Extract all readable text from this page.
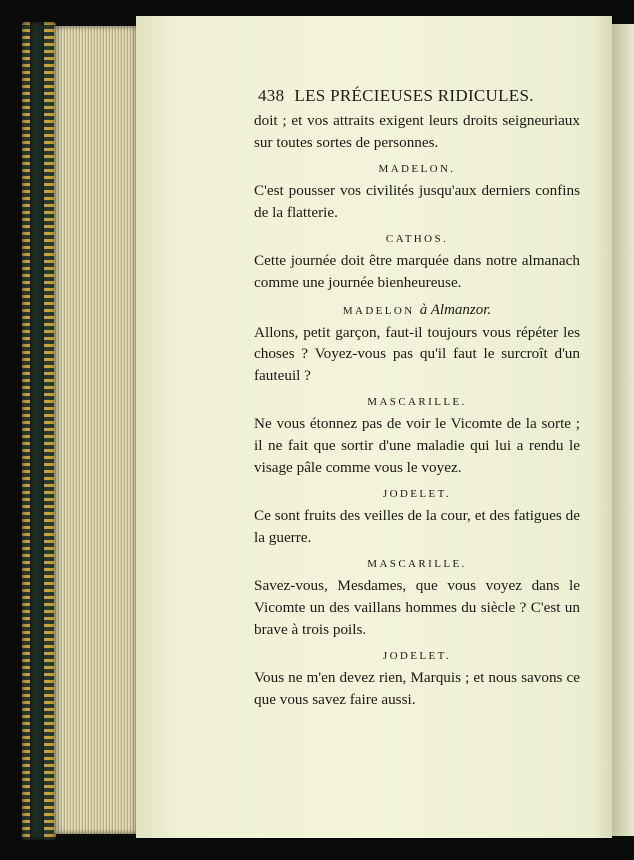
438 LES PRÉCIEUSES RIDICULES.

doit ; et vos attraits exigent leurs droits seigneuriaux sur toutes sortes de personnes.

MADELON.

C'est pousser vos civilités jusqu'aux derniers confins de la flatterie.

CATHOS.

Cette journée doit être marquée dans notre almanach comme une journée bienheureuse.

MADELON à Almanzor.

Allons, petit garçon, faut-il toujours vous répéter les choses ? Voyez-vous pas qu'il faut le surcroît d'un fauteuil ?

MASCARILLE.

Ne vous étonnez pas de voir le Vicomte de la sorte ; il ne fait que sortir d'une maladie qui lui a rendu le visage pâle comme vous le voyez.

JODELET.

Ce sont fruits des veilles de la cour, et des fatigues de la guerre.

MASCARILLE.

Savez-vous, Mesdames, que vous voyez dans le Vicomte un des vaillans hommes du siècle ? C'est un brave à trois poils.

JODELET.

Vous ne m'en devez rien, Marquis ; et nous savons ce que vous savez faire aussi.
